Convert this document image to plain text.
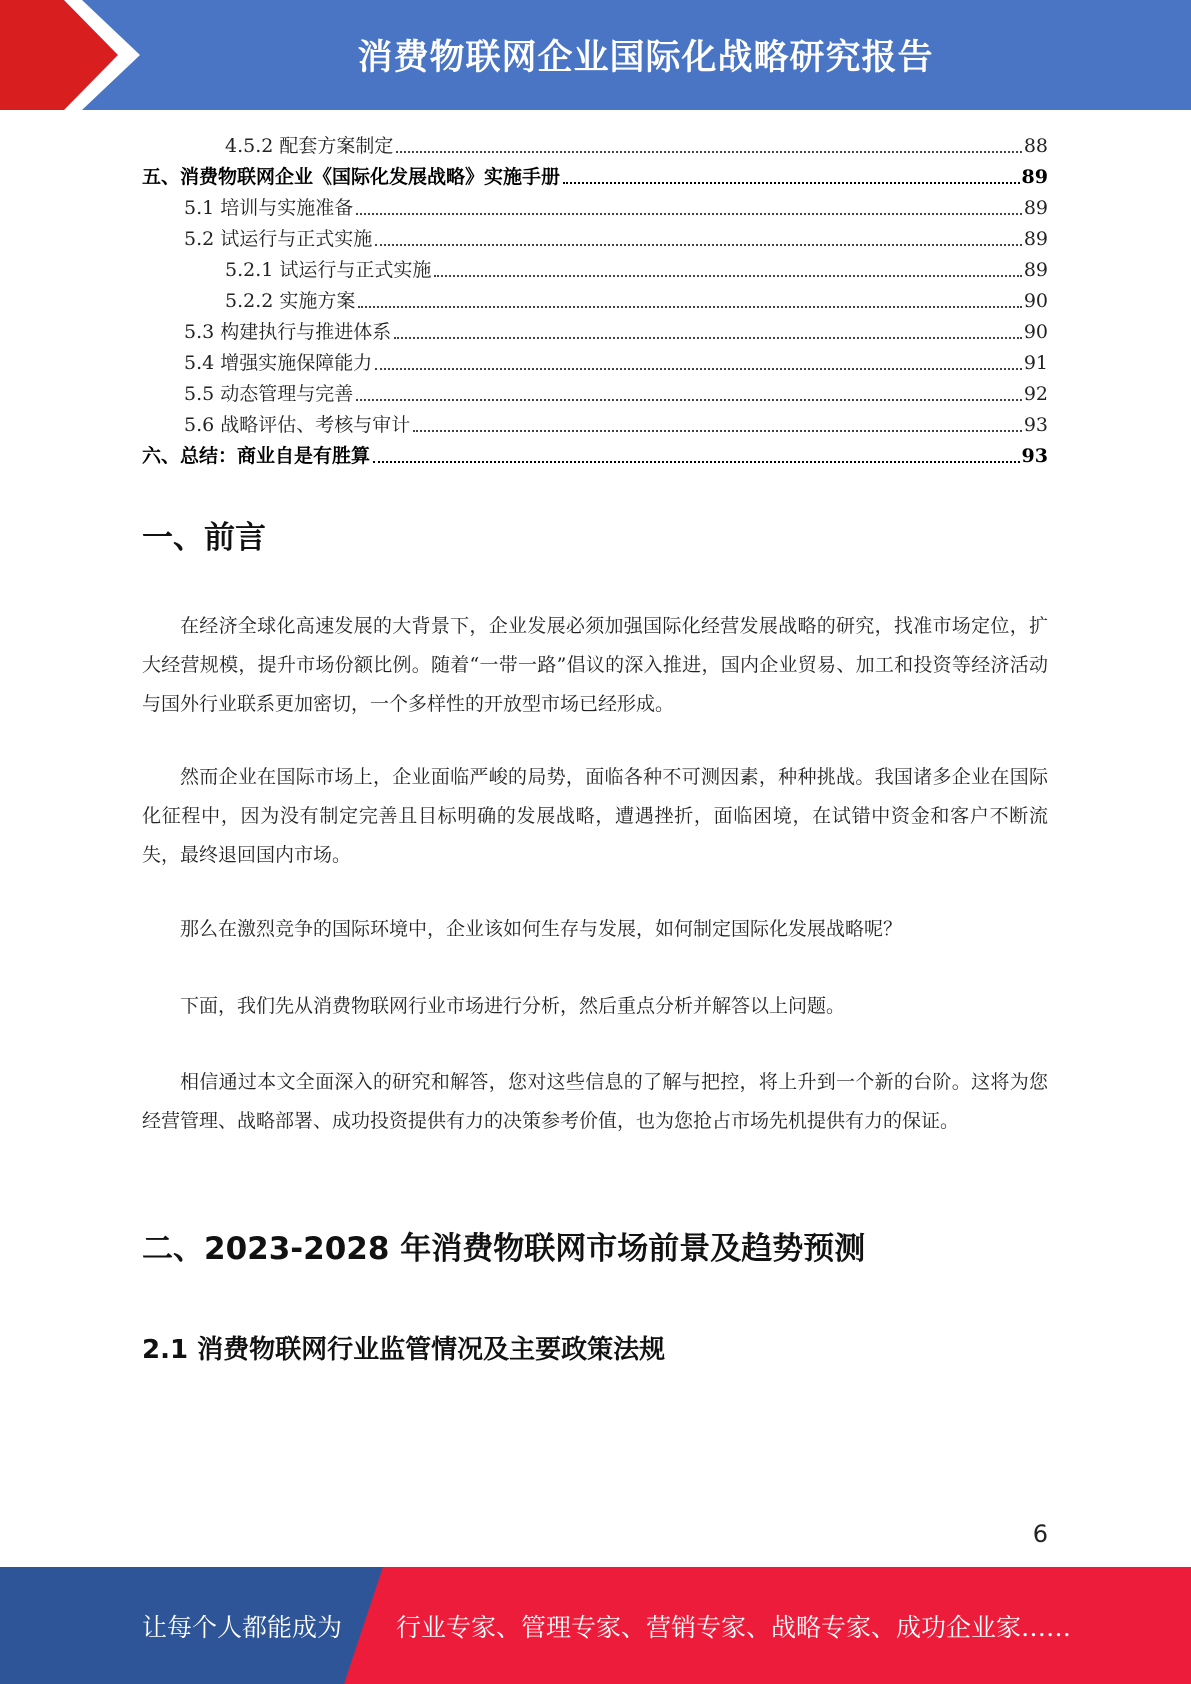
消费物联网企业国际化战略研究报告
4.5.2 配套方案制定	88
五、消费物联网企业《国际化发展战略》实施手册	89
5.1 培训与实施准备	89
5.2 试运行与正式实施	89
5.2.1 试运行与正式实施	89
5.2.2 实施方案	90
5.3 构建执行与推进体系	90
5.4 增强实施保障能力	91
5.5 动态管理与完善	92
5.6 战略评估、考核与审计	93
六、总结：商业自是有胜算	93
一、前言

在经济全球化高速发展的大背景下，企业发展必须加强国际化经营发展战略的研究，找准市场定位，扩大经营规模，提升市场份额比例。随着“一带一路”倡议的深入推进，国内企业贸易、加工和投资等经济活动与国外行业联系更加密切，一个多样性的开放型市场已经形成。

然而企业在国际市场上，企业面临严峻的局势，面临各种不可测因素，种种挑战。我国诸多企业在国际化征程中，因为没有制定完善且目标明确的发展战略，遭遇挫折，面临困境，在试错中资金和客户不断流失，最终退回国内市场。

那么在激烈竞争的国际环境中，企业该如何生存与发展，如何制定国际化发展战略呢？

下面，我们先从消费物联网行业市场进行分析，然后重点分析并解答以上问题。

相信通过本文全面深入的研究和解答，您对这些信息的了解与把控，将上升到一个新的台阶。这将为您经营管理、战略部署、成功投资提供有力的决策参考价值，也为您抢占市场先机提供有力的保证。

二、2023-2028 年消费物联网市场前景及趋势预测
2.1 消费物联网行业监管情况及主要政策法规
6
让每个人都能成为 行业专家、管理专家、营销专家、战略专家、成功企业家……
